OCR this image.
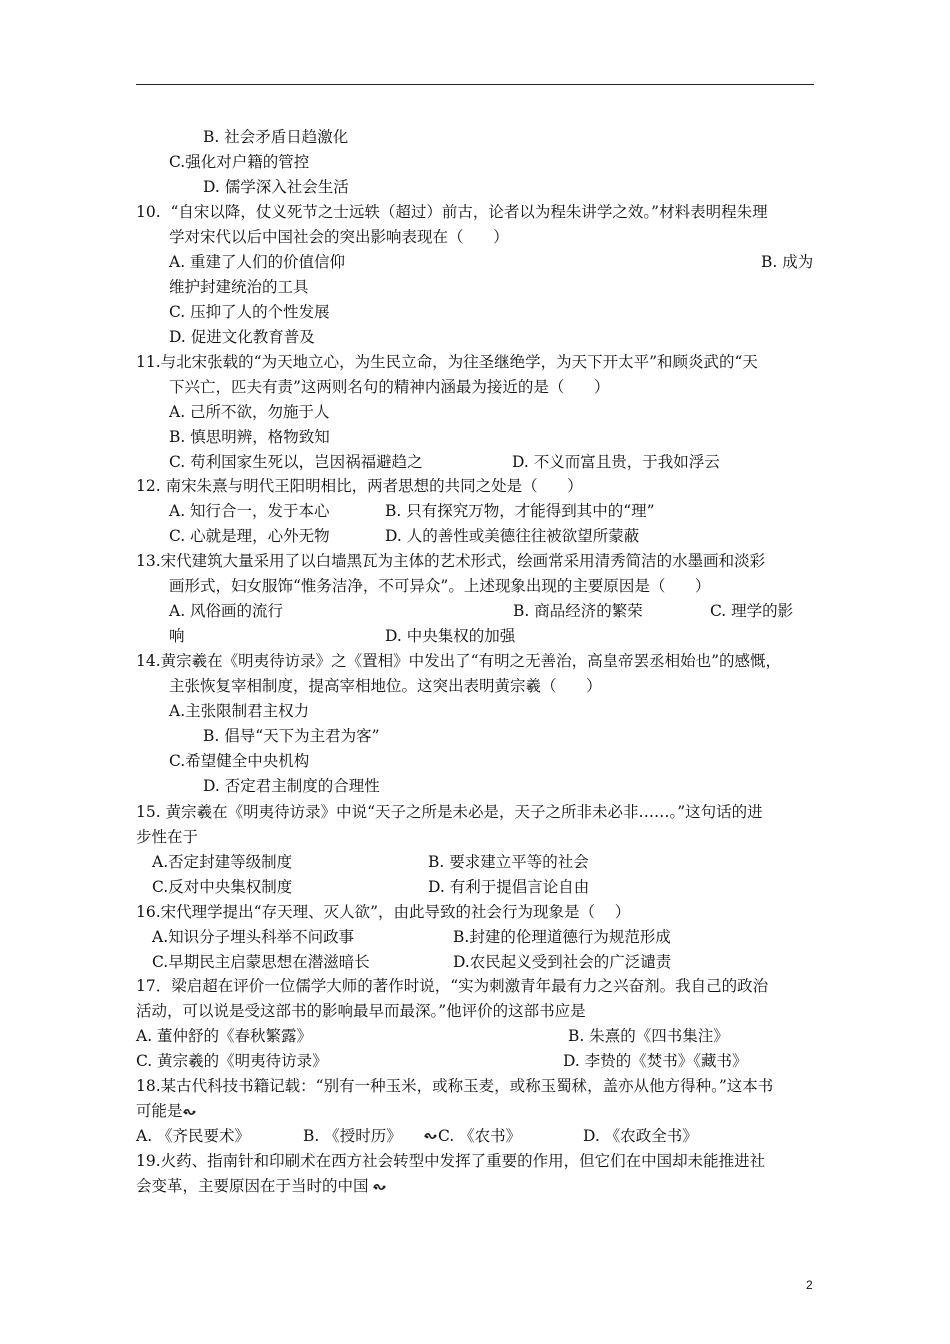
B. 社会矛盾日趋激化
C.强化对户籍的管控
D. 儒学深入社会生活
10.  “自宋以降，仗义死节之士远轶（超过）前古，论者以为程朱讲学之效。”材料表明程朱理
学对宋代以后中国社会的突出影响表现在（      ）
A. 重建了人们的价值信仰	B. 成为
维护封建统治的工具
C. 压抑了人的个性发展
D. 促进文化教育普及
11.与北宋张载的“为天地立心，为生民立命，为往圣继绝学，为天下开太平”和顾炎武的“天
下兴亡，匹夫有责”这两则名句的精神内涵最为接近的是（      ）
A. 己所不欲，勿施于人
B. 慎思明辨，格物致知
C. 苟利国家生死以，岂因祸福避趋之	D. 不义而富且贵，于我如浮云
12. 南宋朱熹与明代王阳明相比，两者思想的共同之处是（      ）
A. 知行合一，发于本心	B. 只有探究万物，才能得到其中的“理”
C. 心就是理，心外无物	D. 人的善性或美德往往被欲望所蒙蔽
13.宋代建筑大量采用了以白墙黑瓦为主体的艺术形式，绘画常采用清秀简洁的水墨画和淡彩
画形式，妇女服饰“惟务洁净，不可异众”。上述现象出现的主要原因是（      ）
A. 风俗画的流行	B. 商品经济的繁荣	C. 理学的影
响	D. 中央集权的加强
14.黄宗羲在《明夷待访录》之《置相》中发出了“有明之无善治，高皇帝罢丞相始也”的感慨，
主张恢复宰相制度，提高宰相地位。这突出表明黄宗羲（      ）
A.主张限制君主权力
B. 倡导“天下为主君为客”
C.希望健全中央机构
D. 否定君主制度的合理性
15. 黄宗羲在《明夷待访录》中说“天子之所是未必是，天子之所非未必非……。”这句话的进
步性在于
A.否定封建等级制度	B. 要求建立平等的社会
C.反对中央集权制度	D. 有利于提倡言论自由
16.宋代理学提出“存天理、灭人欲”，由此导致的社会行为现象是（    ）
A.知识分子埋头科举不问政事	B.封建的伦理道德行为规范形成
C.早期民主启蒙思想在潜滋暗长	D.农民起义受到社会的广泛谴责
17．梁启超在评价一位儒学大师的著作时说，“实为刺激青年最有力之兴奋剂。我自己的政治
活动，可以说是受这部书的影响最早而最深。”他评价的这部书应是
A. 董仲舒的《春秋繁露》	B. 朱熹的《四书集注》
C. 黄宗羲的《明夷待访录》	D. 李贽的《焚书》《藏书》
18.某古代科技书籍记载：“别有一种玉米，或称玉麦，或称玉蜀秫，盖亦从他方得种。”这本书
可能是
A. 《齐民要术》	B. 《授时历》 C. 《农书》	D. 《农政全书》
19.火药、指南针和印刷术在西方社会转型中发挥了重要的作用，但它们在中国却未能推进社
会变革，主要原因在于当时的中国
2
